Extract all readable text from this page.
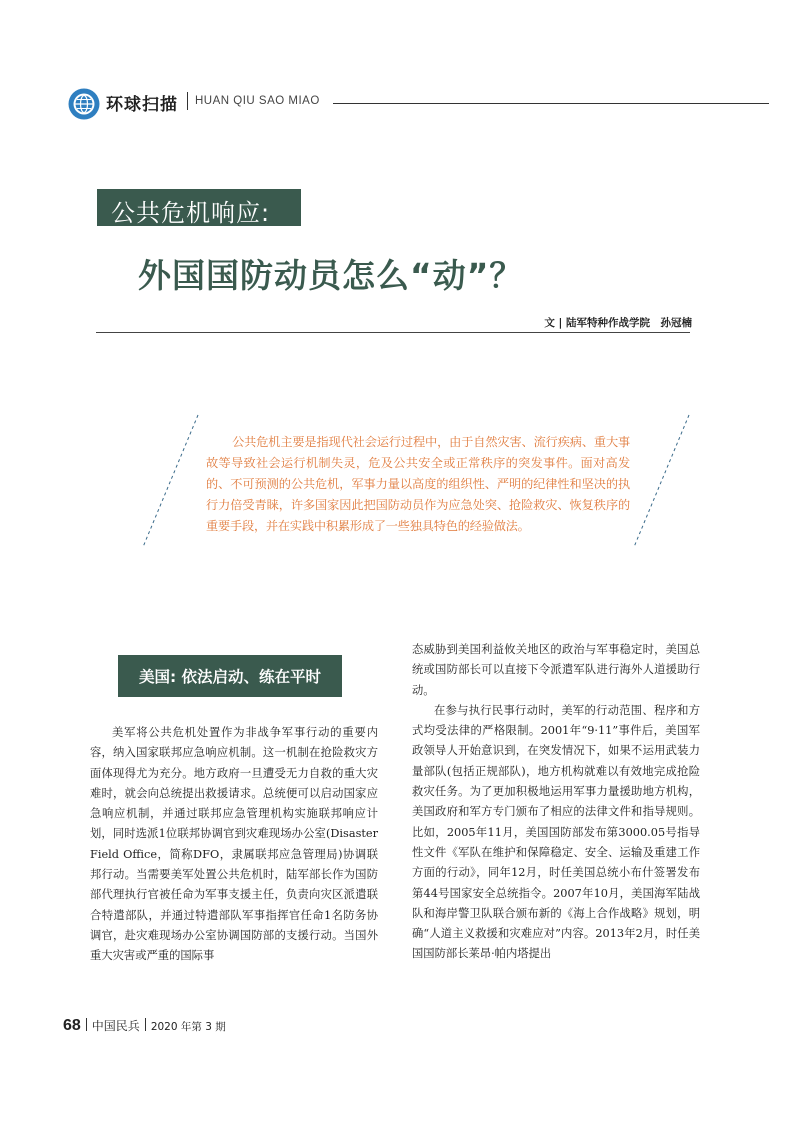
环球扫描 HUAN QIU SAO MIAO
公共危机响应:
外国国防动员怎么“动”？
文 | 陆军特种作战学院　孙冠楠
公共危机主要是指现代社会运行过程中，由于自然灾害、流行疾病、重大事故等导致社会运行机制失灵，危及公共安全或正常秩序的突发事件。面对高发的、不可预测的公共危机，军事力量以高度的组织性、严明的纪律性和坚决的执行力倍受青睐，许多国家因此把国防动员作为应急处突、抢险救灾、恢复秩序的重要手段，并在实践中积累形成了一些独具特色的经验做法。
美国: 依法启动、练在平时

美军将公共危机处置作为非战争军事行动的重要内容，纳入国家联邦应急响应机制。这一机制在抢险救灾方面体现得尤为充分。地方政府一旦遭受无力自救的重大灾难时，就会向总统提出救援请求。总统便可以启动国家应急响应机制，并通过联邦应急管理机构实施联邦响应计划，同时选派1位联邦协调官到灾难现场办公室(Disaster Field Office，简称DFO，隶属联邦应急管理局)协调联邦行动。当需要美军处置公共危机时，陆军部长作为国防部代理执行官被任命为军事支援主任，负责向灾区派遣联合特遣部队，并通过特遣部队军事指挥官任命1名防务协调官，赴灾难现场办公室协调国防部的支援行动。当国外重大灾害或严重的国际事

态威胁到美国利益攸关地区的政治与军事稳定时，美国总统或国防部长可以直接下令派遣军队进行海外人道援助行动。

在参与执行民事行动时，美军的行动范围、程序和方式均受法律的严格限制。2001年“9·11”事件后，美国军政领导人开始意识到，在突发情况下，如果不运用武装力量部队(包括正规部队)，地方机构就难以有效地完成抢险救灾任务。为了更加积极地运用军事力量援助地方机构，美国政府和军方专门颁布了相应的法律文件和指导规则。比如，2005年11月，美国国防部发布第3000.05号指导性文件《军队在维护和保障稳定、安全、运输及重建工作方面的行动》，同年12月，时任美国总统小布什签署发布第44号国家安全总统指令。2007年10月，美国海军陆战队和海岸警卫队联合颁布新的《海上合作战略》规划，明确“人道主义救援和灾难应对”内容。2013年2月，时任美国国防部长莱昂·帕内塔提出

68 中国民兵 2020 年第 3 期
